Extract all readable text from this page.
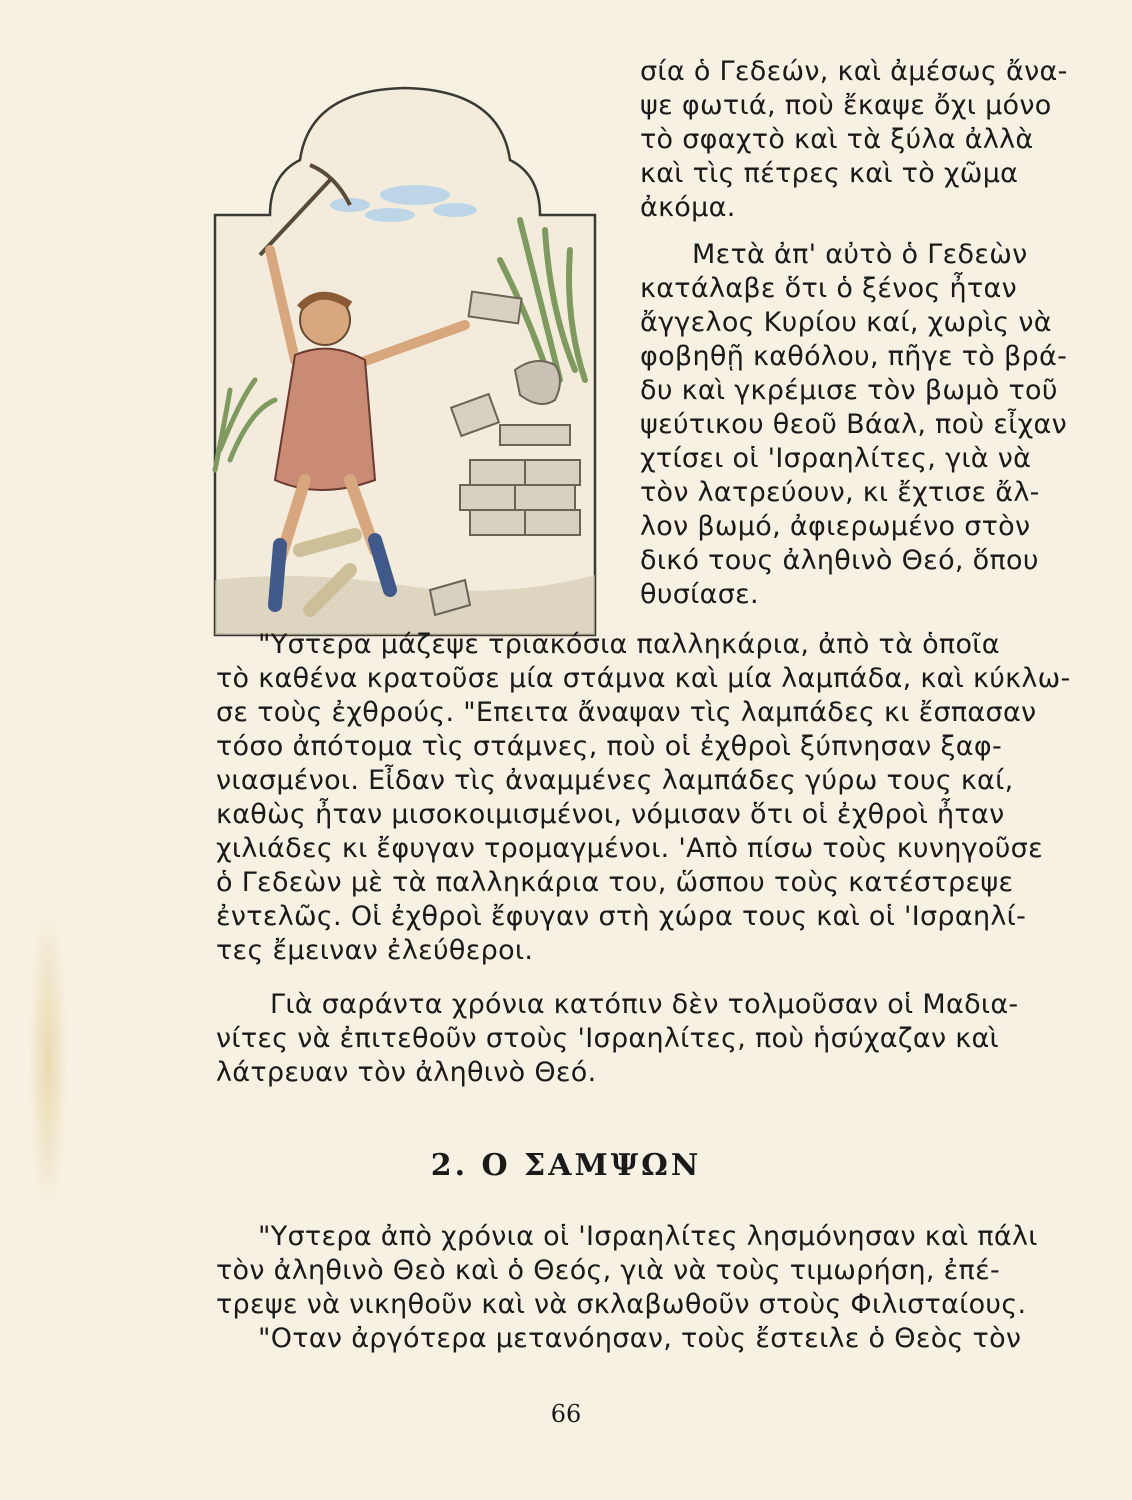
σία ὁ Γεδεών, καὶ ἀμέσως ἄνα-
ψε φωτιά, ποὺ ἔκαψε ὄχι μόνο
τὸ σφαχτὸ καὶ τὰ ξύλα ἀλλὰ
καὶ τὶς πέτρες καὶ τὸ χῶμα
ἀκόμα.
Μετὰ ἀπ' αὐτὸ ὁ Γεδεὼν
κατάλαβε ὅτι ὁ ξένος ἦταν
ἄγγελος Κυρίου καί, χωρὶς νὰ
φοβηθῇ καθόλου, πῆγε τὸ βρά-
δυ καὶ γκρέμισε τὸν βωμὸ τοῦ
ψεύτικου θεοῦ Βάαλ, ποὺ εἶχαν
χτίσει οἱ 'Ισραηλίτες, γιὰ νὰ
τὸν λατρεύουν, κι ἔχτισε ἄλ-
λον βωμό, ἀφιερωμένο στὸν
δικό τους ἀληθινὸ Θεό, ὅπου
θυσίασε.
"Υστερα μάζεψε τριακόσια παλληκάρια, ἀπὸ τὰ ὁποῖα
τὸ καθένα κρατοῦσε μία στάμνα καὶ μία λαμπάδα, καὶ κύκλω-
σε τοὺς ἐχθρούς. "Επειτα ἄναψαν τὶς λαμπάδες κι ἔσπασαν
τόσο ἀπότομα τὶς στάμνες, ποὺ οἱ ἐχθροὶ ξύπνησαν ξαφ-
νιασμένοι. Εἶδαν τὶς ἀναμμένες λαμπάδες γύρω τους καί,
καθὼς ἦταν μισοκοιμισμένοι, νόμισαν ὅτι οἱ ἐχθροὶ ἦταν
χιλιάδες κι ἔφυγαν τρομαγμένοι. 'Απὸ πίσω τοὺς κυνηγοῦσε
ὁ Γεδεὼν μὲ τὰ παλληκάρια του, ὥσπου τοὺς κατέστρεψε
ἐντελῶς. Οἱ ἐχθροὶ ἔφυγαν στὴ χώρα τους καὶ οἱ 'Ισραηλί-
τες ἔμειναν ἐλεύθεροι.
Γιὰ σαράντα χρόνια κατόπιν δὲν τολμοῦσαν οἱ Μαδια-
νίτες νὰ ἐπιτεθοῦν στοὺς 'Ισραηλίτες, ποὺ ἡσύχαζαν καὶ
λάτρευαν τὸν ἀληθινὸ Θεό.
2. Ο ΣΑΜΨΩΝ
"Υστερα ἀπὸ χρόνια οἱ 'Ισραηλίτες λησμόνησαν καὶ πάλι
τὸν ἀληθινὸ Θεὸ καὶ ὁ Θεός, γιὰ νὰ τοὺς τιμωρήση, ἐπέ-
τρεψε νὰ νικηθοῦν καὶ νὰ σκλαβωθοῦν στοὺς Φιλισταίους.
"Οταν ἀργότερα μετανόησαν, τοὺς ἔστειλε ὁ Θεὸς τὸν
66
